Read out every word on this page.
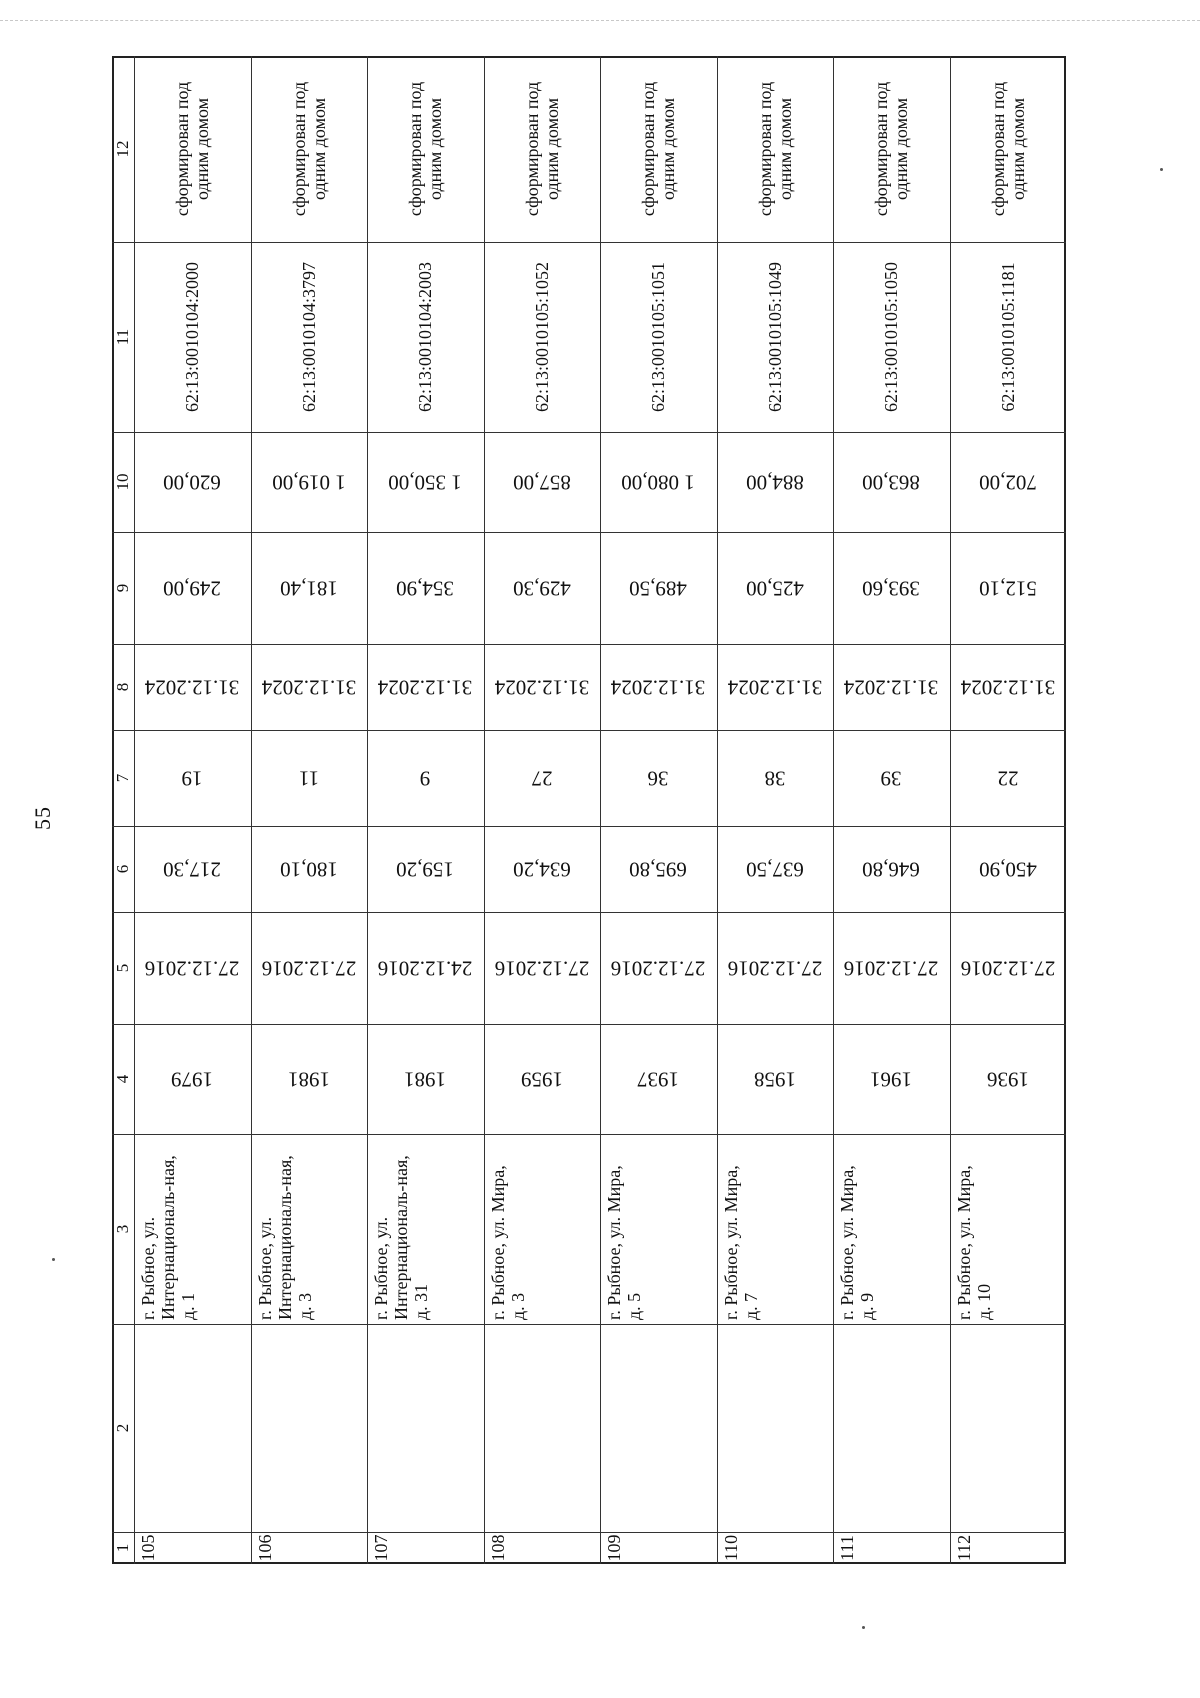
55
12
11
10
9
8
7
6
5
4
3
2
1
сформирован под одним домом
62:13:0010104:2000
620,00
249,00
31.12.2024
19
217,30
27.12.2016
1979
г. Рыбное, ул. Интернациональ-ная, д. 1
105
сформирован под одним домом
62:13:0010104:3797
1 019,00
181,40
31.12.2024
11
180,10
27.12.2016
1981
г. Рыбное, ул. Интернациональ-ная, д. 3
106
сформирован под одним домом
62:13:0010104:2003
1 350,00
354,90
31.12.2024
9
159,20
24.12.2016
1981
г. Рыбное, ул. Интернациональ-ная, д. 31
107
сформирован под одним домом
62:13:0010105:1052
857,00
429,30
31.12.2024
27
634,20
27.12.2016
1959
г. Рыбное, ул. Мира, д. 3
108
сформирован под одним домом
62:13:0010105:1051
1 080,00
489,50
31.12.2024
36
695,80
27.12.2016
1937
г. Рыбное, ул. Мира, д. 5
109
сформирован под одним домом
62:13:0010105:1049
884,00
425,00
31.12.2024
38
637,50
27.12.2016
1958
г. Рыбное, ул. Мира, д. 7
110
сформирован под одним домом
62:13:0010105:1050
863,00
393,60
31.12.2024
39
646,80
27.12.2016
1961
г. Рыбное, ул. Мира, д. 9
111
сформирован под одним домом
62:13:0010105:1181
702,00
512,10
31.12.2024
22
450,90
27.12.2016
1936
г. Рыбное, ул. Мира, д. 10
112
